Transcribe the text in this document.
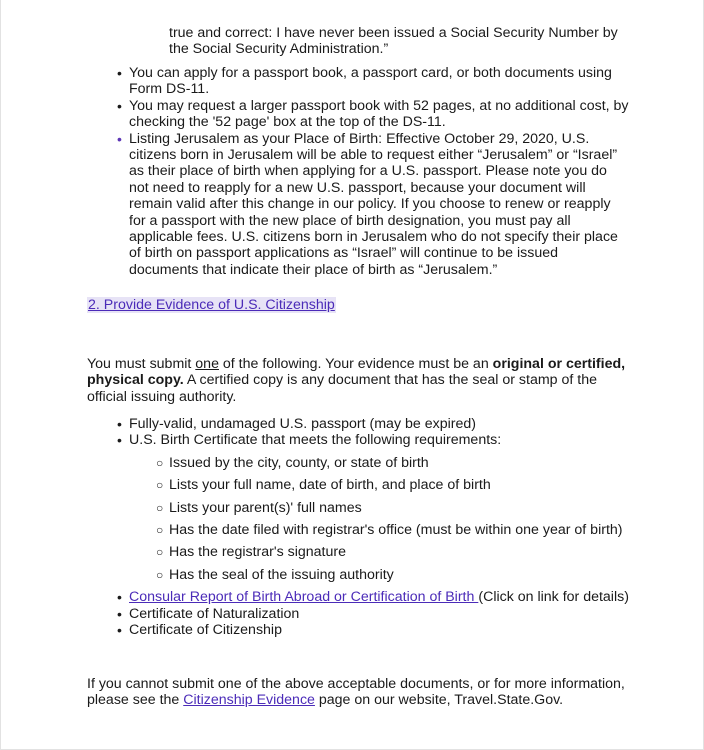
true and correct: I have never been issued a Social Security Number by the Social Security Administration.”

• You can apply for a passport book, a passport card, or both documents using Form DS-11.
• You may request a larger passport book with 52 pages, at no additional cost, by checking the '52 page' box at the top of the DS-11.
• Listing Jerusalem as your Place of Birth: Effective October 29, 2020, U.S. citizens born in Jerusalem will be able to request either “Jerusalem” or “Israel” as their place of birth when applying for a U.S. passport. Please note you do not need to reapply for a new U.S. passport, because your document will remain valid after this change in our policy. If you choose to renew or reapply for a passport with the new place of birth designation, you must pay all applicable fees. U.S. citizens born in Jerusalem who do not specify their place of birth on passport applications as “Israel” will continue to be issued documents that indicate their place of birth as “Jerusalem.”
2. Provide Evidence of U.S. Citizenship

You must submit one of the following. Your evidence must be an original or certified, physical copy. A certified copy is any document that has the seal or stamp of the official issuing authority.

• Fully-valid, undamaged U.S. passport (may be expired)
• U.S. Birth Certificate that meets the following requirements:
○ Issued by the city, county, or state of birth
○ Lists your full name, date of birth, and place of birth
○ Lists your parent(s)' full names
○ Has the date filed with registrar's office (must be within one year of birth)
○ Has the registrar's signature
○ Has the seal of the issuing authority
• Consular Report of Birth Abroad or Certification of Birth (Click on link for details)
• Certificate of Naturalization
• Certificate of Citizenship

If you cannot submit one of the above acceptable documents, or for more information, please see the Citizenship Evidence page on our website, Travel.State.Gov.
